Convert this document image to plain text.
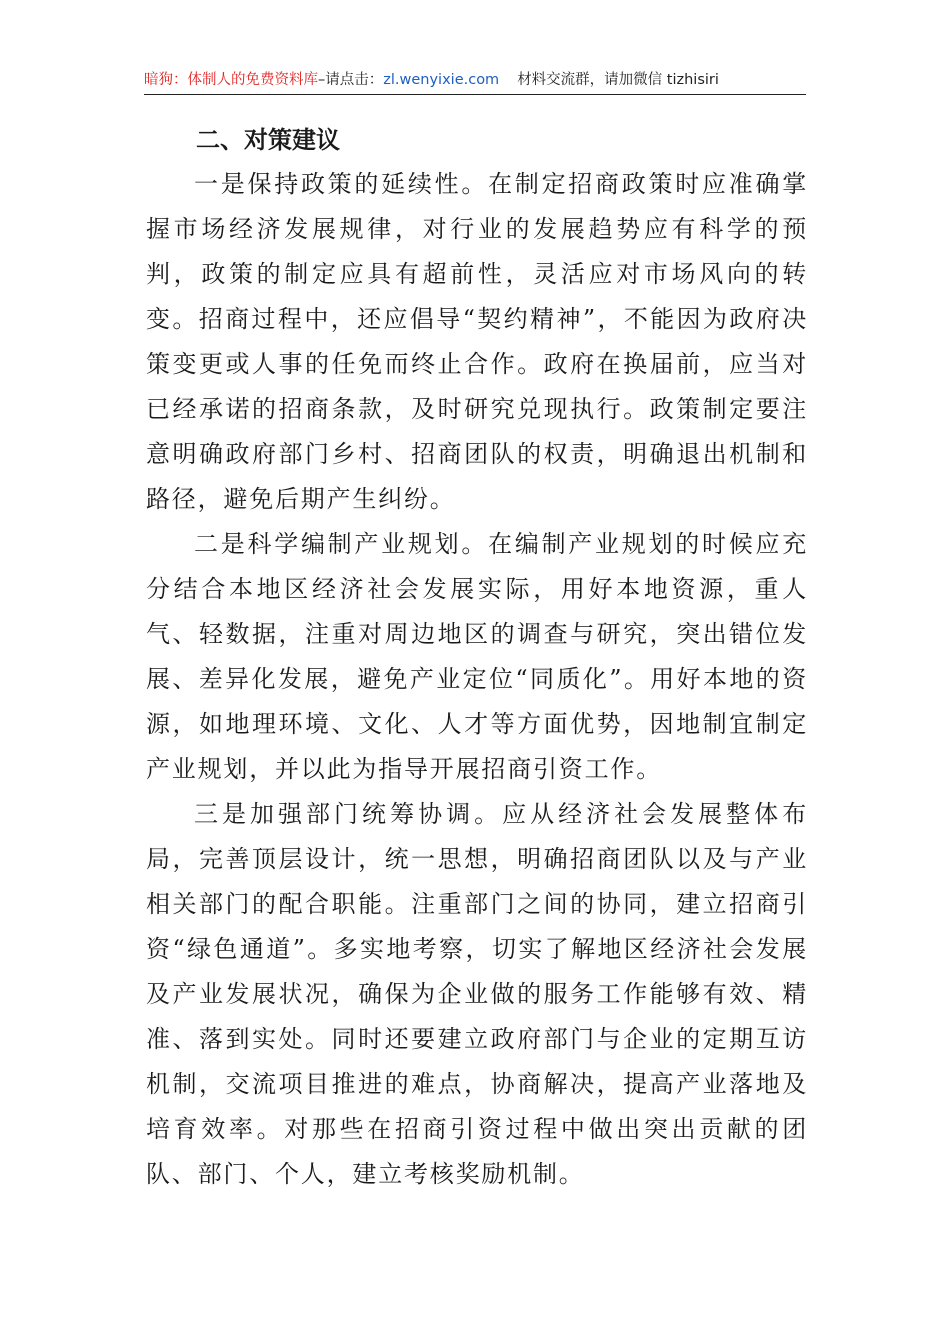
暗狗：体制人的免费资料库–请点击：zl.wenyixie.com 材料交流群，请加微信 tizhisiri
二、对策建议

一是保持政策的延续性。在制定招商政策时应准确掌握市场经济发展规律，对行业的发展趋势应有科学的预判，政策的制定应具有超前性，灵活应对市场风向的转变。招商过程中，还应倡导“契约精神”，不能因为政府决策变更或人事的任免而终止合作。政府在换届前，应当对已经承诺的招商条款，及时研究兑现执行。政策制定要注意明确政府部门乡村、招商团队的权责，明确退出机制和路径，避免后期产生纠纷。

二是科学编制产业规划。在编制产业规划的时候应充分结合本地区经济社会发展实际，用好本地资源，重人气、轻数据，注重对周边地区的调查与研究，突出错位发展、差异化发展，避免产业定位“同质化”。用好本地的资源，如地理环境、文化、人才等方面优势，因地制宜制定产业规划，并以此为指导开展招商引资工作。

三是加强部门统筹协调。应从经济社会发展整体布局，完善顶层设计，统一思想，明确招商团队以及与产业相关部门的配合职能。注重部门之间的协同，建立招商引资“绿色通道”。多实地考察，切实了解地区经济社会发展及产业发展状况，确保为企业做的服务工作能够有效、精准、落到实处。同时还要建立政府部门与企业的定期互访机制，交流项目推进的难点，协商解决，提高产业落地及培育效率。对那些在招商引资过程中做出突出贡献的团队、部门、个人，建立考核奖励机制。
